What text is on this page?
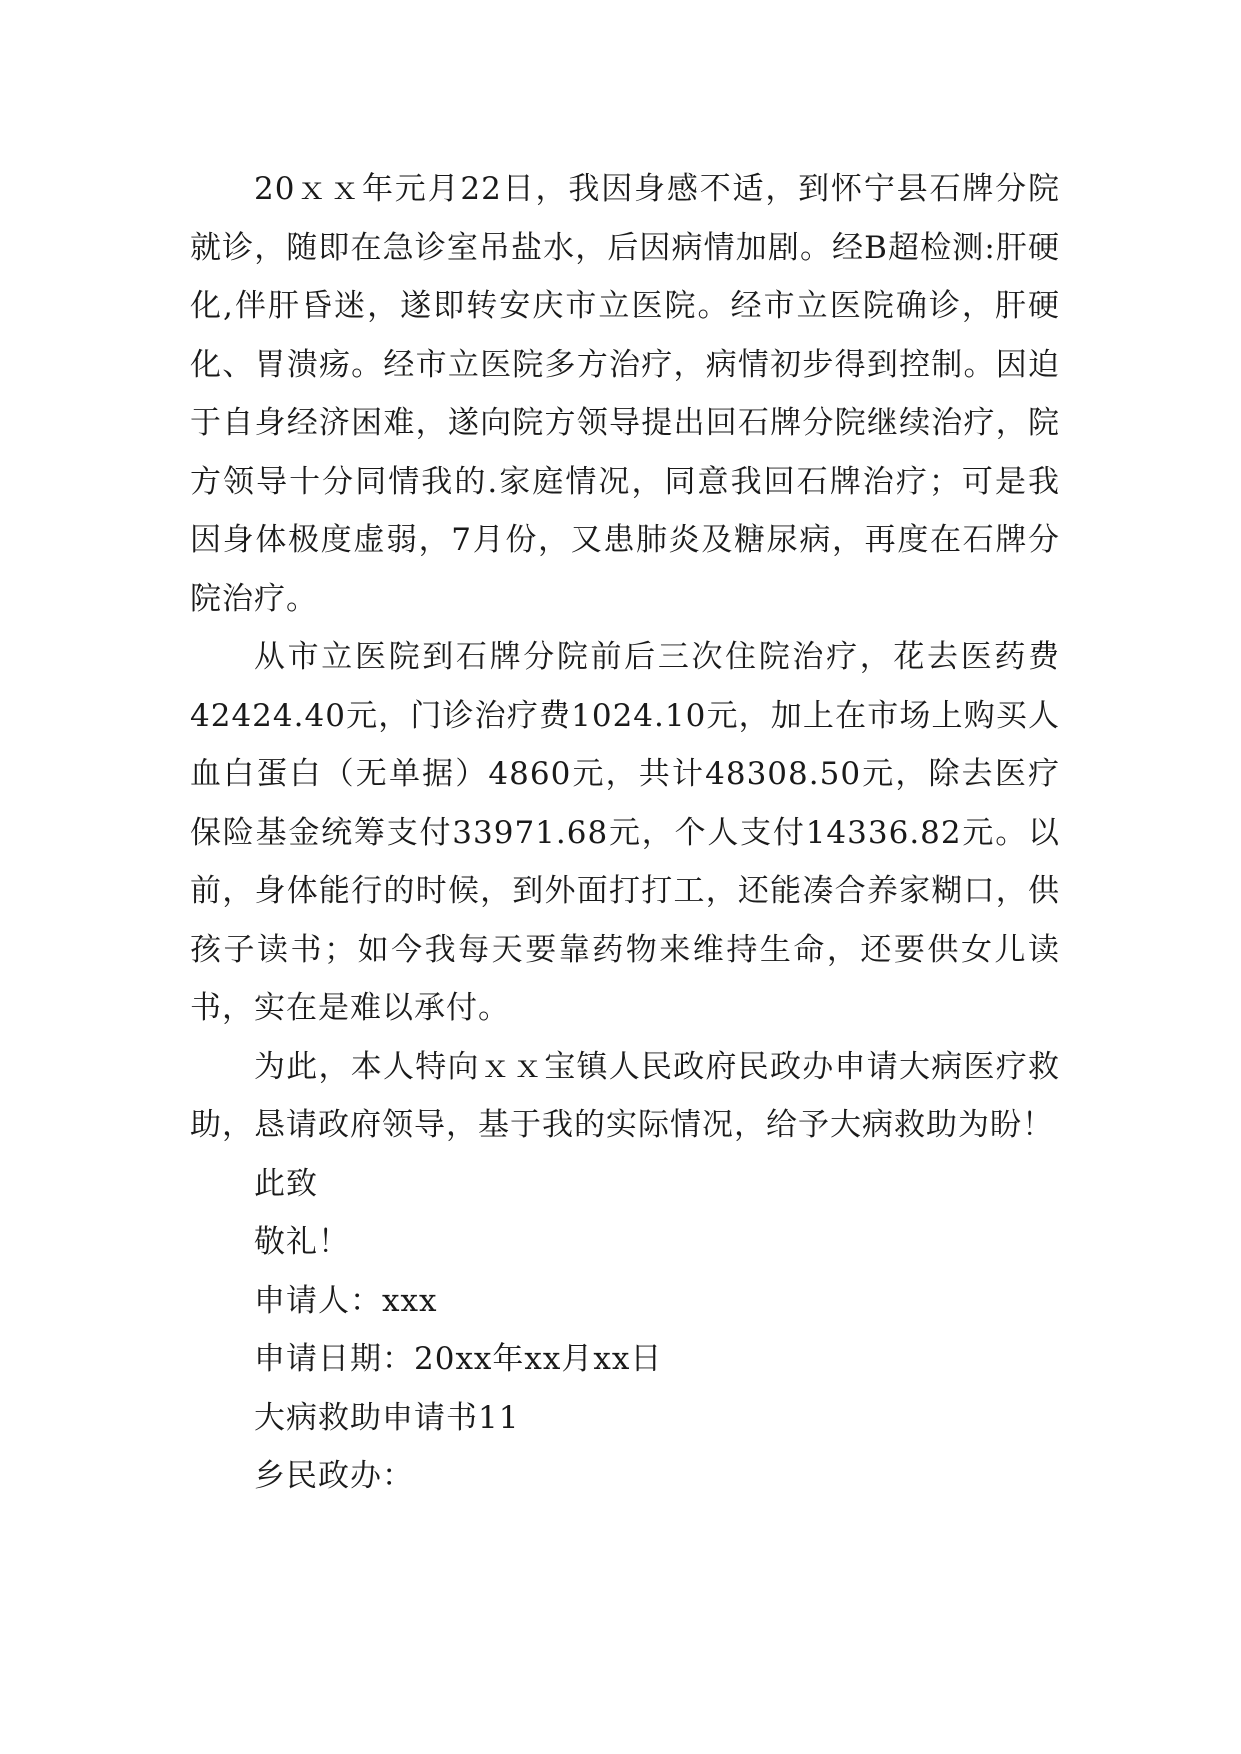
20ｘｘ年元月22日，我因身感不适，到怀宁县石牌分院就诊，随即在急诊室吊盐水，后因病情加剧。经B超检测:肝硬化,伴肝昏迷，遂即转安庆市立医院。经市立医院确诊，肝硬化、胃溃疡。经市立医院多方治疗，病情初步得到控制。因迫于自身经济困难，遂向院方领导提出回石牌分院继续治疗，院方领导十分同情我的.家庭情况，同意我回石牌治疗；可是我因身体极度虚弱，7月份，又患肺炎及糖尿病，再度在石牌分院治疗。

从市立医院到石牌分院前后三次住院治疗，花去医药费42424.40元，门诊治疗费1024.10元，加上在市场上购买人血白蛋白（无单据）4860元，共计48308.50元，除去医疗保险基金统筹支付33971.68元，个人支付14336.82元。以前，身体能行的时候，到外面打打工，还能凑合养家糊口，供孩子读书；如今我每天要靠药物来维持生命，还要供女儿读书，实在是难以承付。

为此，本人特向ｘｘ宝镇人民政府民政办申请大病医疗救助，恳请政府领导，基于我的实际情况，给予大病救助为盼！

此致

敬礼！

申请人：xxx

申请日期：20xx年xx月xx日

大病救助申请书11

乡民政办：
